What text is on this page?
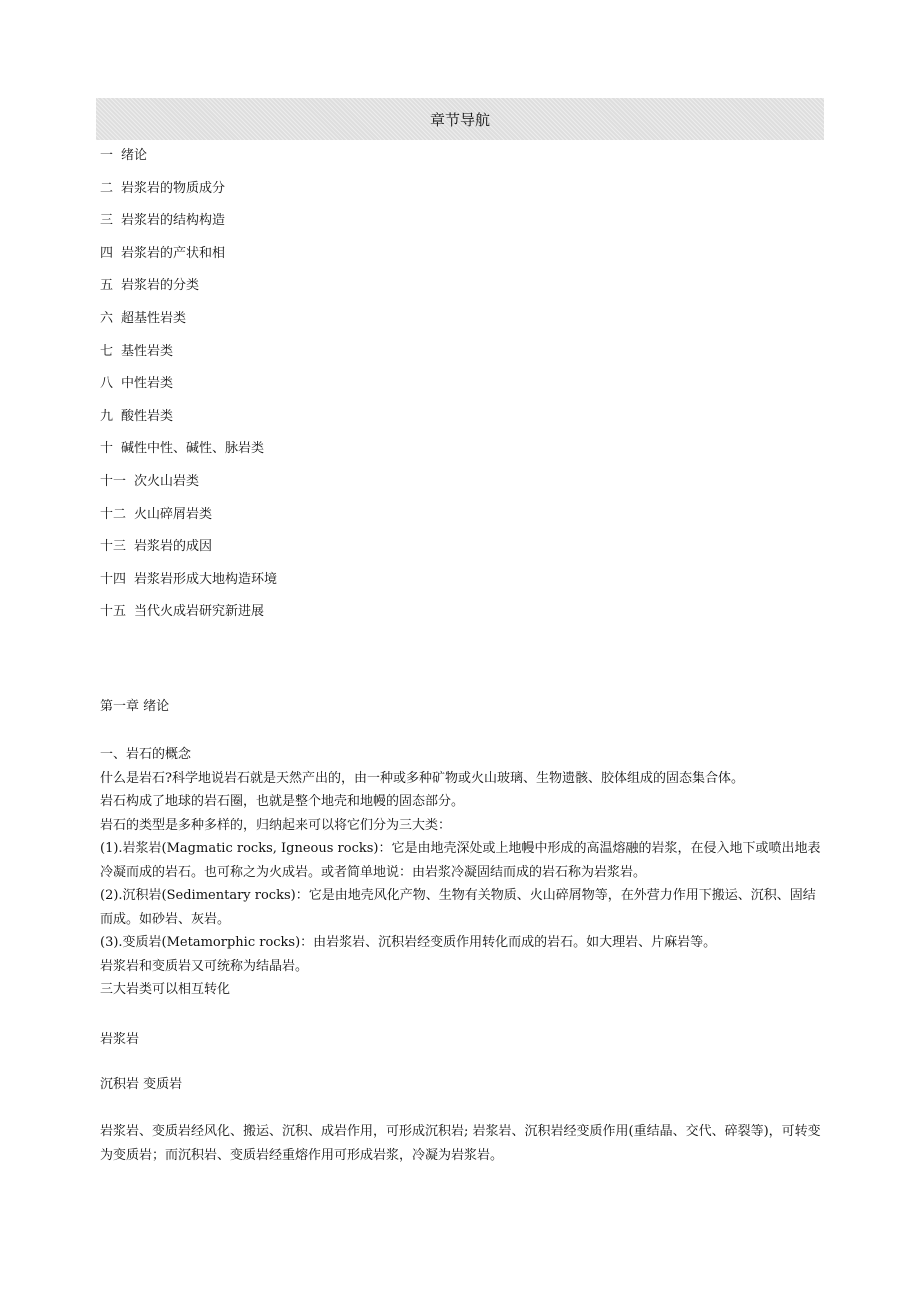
章节导航
一 绪论
二 岩浆岩的物质成分
三 岩浆岩的结构构造
四 岩浆岩的产状和相
五 岩浆岩的分类
六 超基性岩类
七 基性岩类
八 中性岩类
九 酸性岩类
十 碱性中性、碱性、脉岩类
十一 次火山岩类
十二 火山碎屑岩类
十三 岩浆岩的成因
十四 岩浆岩形成大地构造环境
十五 当代火成岩研究新进展
第一章 绪论

一、岩石的概念

什么是岩石?科学地说岩石就是天然产出的，由一种或多种矿物或火山玻璃、生物遗骸、胶体组成的固态集合体。

岩石构成了地球的岩石圈，也就是整个地壳和地幔的固态部分。

岩石的类型是多种多样的，归纳起来可以将它们分为三大类：

(1).岩浆岩(Magmatic rocks, Igneous rocks)：它是由地壳深处或上地幔中形成的高温熔融的岩浆，在侵入地下或喷出地表冷凝而成的岩石。也可称之为火成岩。或者简单地说：由岩浆冷凝固结而成的岩石称为岩浆岩。

(2).沉积岩(Sedimentary rocks)：它是由地壳风化产物、生物有关物质、火山碎屑物等，在外营力作用下搬运、沉积、固结而成。如砂岩、灰岩。

(3).变质岩(Metamorphic rocks)：由岩浆岩、沉积岩经变质作用转化而成的岩石。如大理岩、片麻岩等。

岩浆岩和变质岩又可统称为结晶岩。

三大岩类可以相互转化

岩浆岩
沉积岩 变质岩

岩浆岩、变质岩经风化、搬运、沉积、成岩作用，可形成沉积岩; 岩浆岩、沉积岩经变质作用(重结晶、交代、碎裂等)，可转变为变质岩；而沉积岩、变质岩经重熔作用可形成岩浆，冷凝为岩浆岩。
